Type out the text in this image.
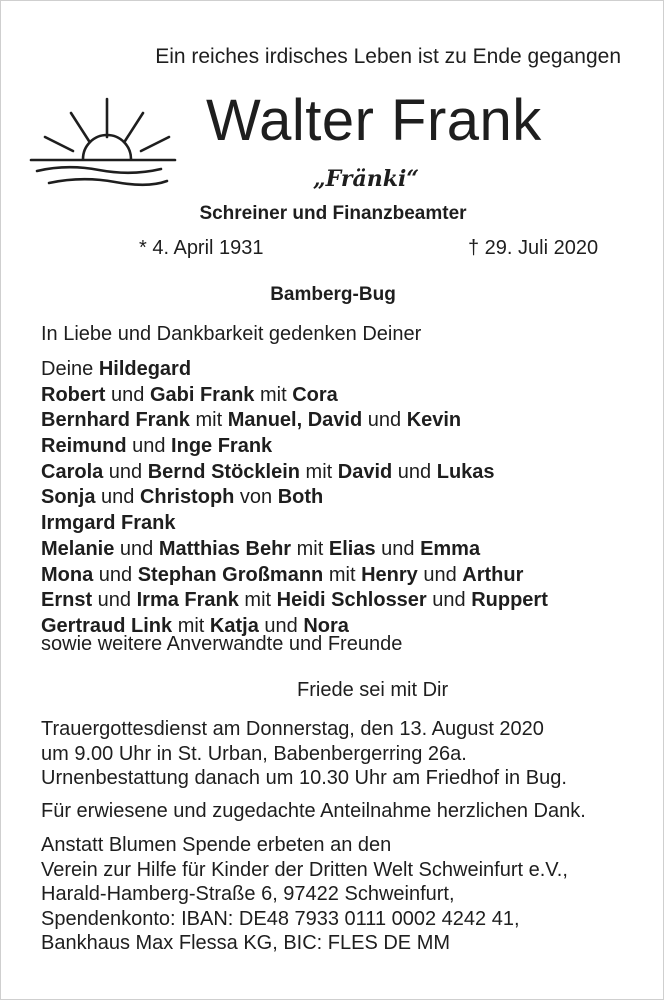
Ein reiches irdisches Leben ist zu Ende gegangen
Walter Frank
„Fränki“
Schreiner und Finanzbeamter
* 4. April 1931	† 29. Juli 2020
Bamberg-Bug
In Liebe und Dankbarkeit gedenken Deiner
Deine Hildegard
Robert und Gabi Frank mit Cora
Bernhard Frank mit Manuel, David und Kevin
Reimund und Inge Frank
Carola und Bernd Stöcklein mit David und Lukas
Sonja und Christoph von Both
Irmgard Frank
Melanie und Matthias Behr mit Elias und Emma
Mona und Stephan Großmann mit Henry und Arthur
Ernst und Irma Frank mit Heidi Schlosser und Ruppert
Gertraud Link mit Katja und Nora
sowie weitere Anverwandte und Freunde
Friede sei mit Dir
Trauergottesdienst am Donnerstag, den 13. August 2020
um 9.00 Uhr in St. Urban, Babenbergerring 26a.
Urnenbestattung danach um 10.30 Uhr am Friedhof in Bug.
Für erwiesene und zugedachte Anteilnahme herzlichen Dank.
Anstatt Blumen Spende erbeten an den
Verein zur Hilfe für Kinder der Dritten Welt Schweinfurt e.V.,
Harald-Hamberg-Straße 6, 97422 Schweinfurt,
Spendenkonto: IBAN: DE48 7933 0111 0002 4242 41,
Bankhaus Max Flessa KG, BIC: FLES DE MM
